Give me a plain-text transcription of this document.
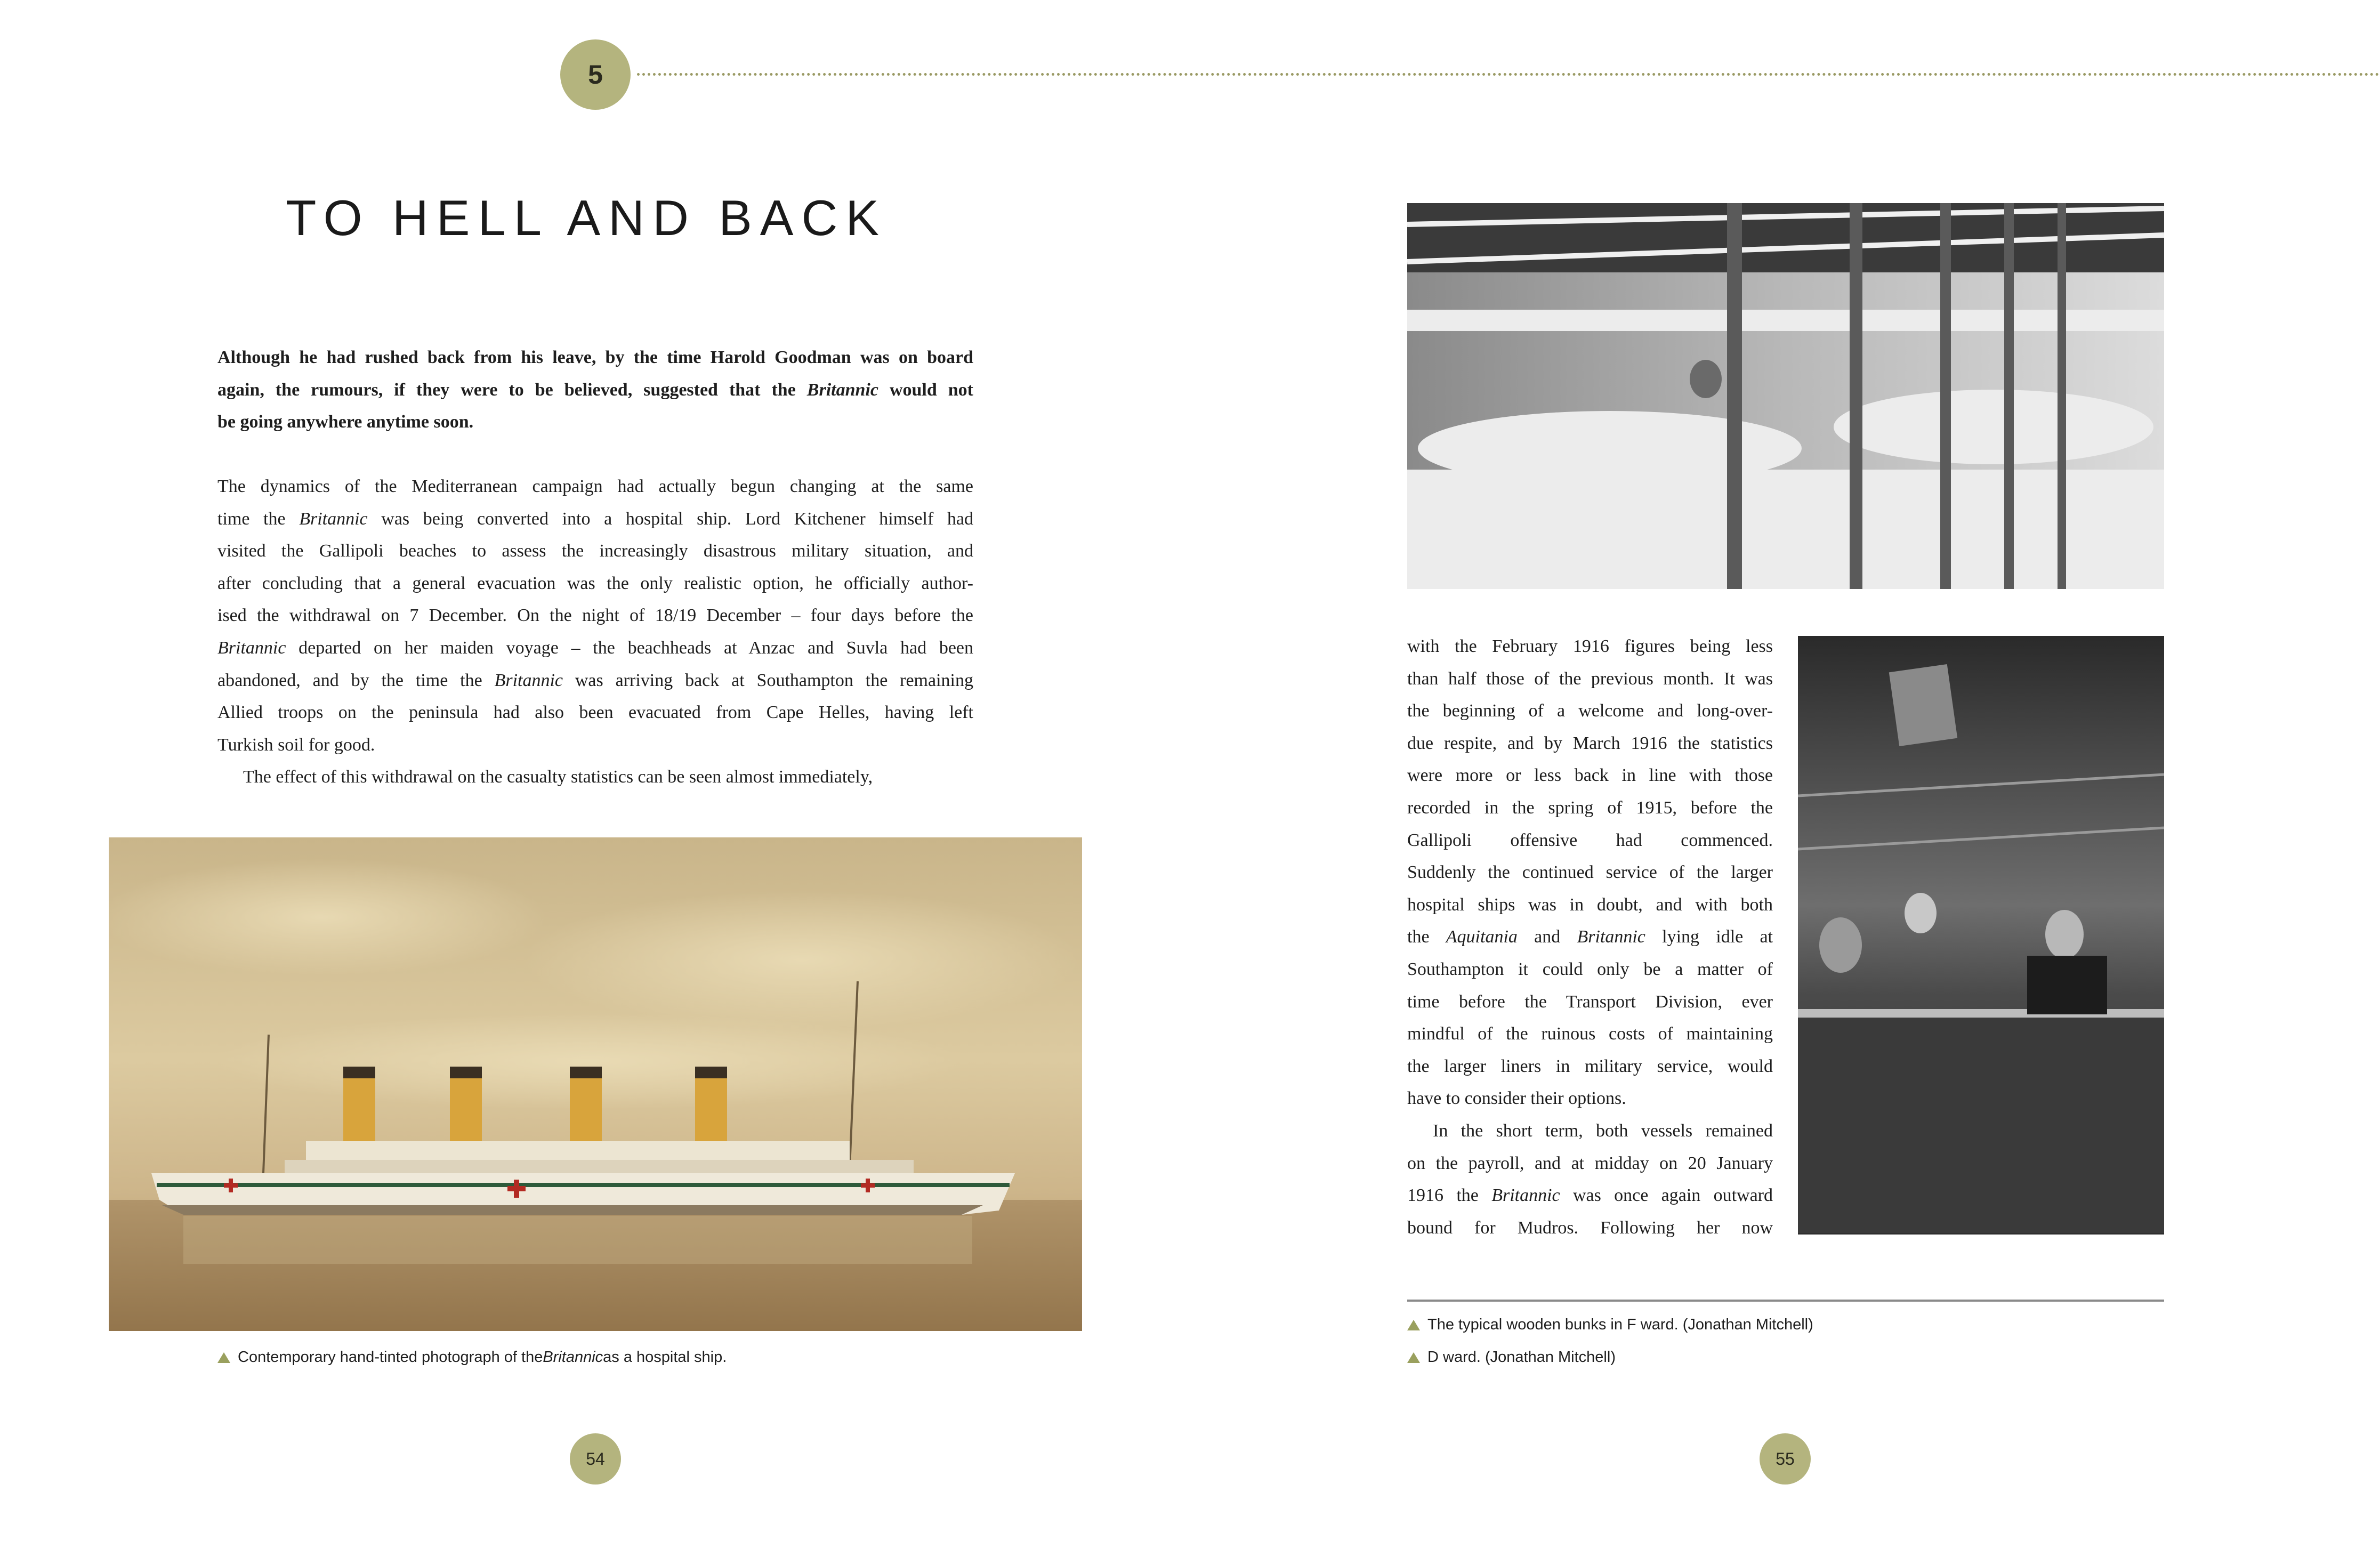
5
TO HELL AND BACK

Although he had rushed back from his leave, by the time Harold Goodman was on board

again, the rumours, if they were to be believed, suggested that the Britannic would not

be going anywhere anytime soon.

The dynamics of the Mediterranean campaign had actually begun changing at the same

time the Britannic was being converted into a hospital ship. Lord Kitchener himself had

visited the Gallipoli beaches to assess the increasingly disastrous military situation, and

after concluding that a general evacuation was the only realistic option, he officially author-

ised the withdrawal on 7 December. On the night of 18/19 December – four days before the

Britannic departed on her maiden voyage – the beachheads at Anzac and Suvla had been

abandoned, and by the time the Britannic was arriving back at Southampton the remaining

Allied troops on the peninsula had also been evacuated from Cape Helles, having left

Turkish soil for good.

The effect of this withdrawal on the casualty statistics can be seen almost immediately,

Contemporary hand-tinted photograph of the Britannic as a hospital ship.
54

with the February 1916 figures being less

than half those of the previous month. It was

the beginning of a welcome and long-over-

due respite, and by March 1916 the statistics

were more or less back in line with those

recorded in the spring of 1915, before the

Gallipoli offensive had commenced.

Suddenly the continued service of the larger

hospital ships was in doubt, and with both

the Aquitania and Britannic lying idle at

Southampton it could only be a matter of

time before the Transport Division, ever

mindful of the ruinous costs of maintaining

the larger liners in military service, would

have to consider their options.

In the short term, both vessels remained

on the payroll, and at midday on 20 January

1916 the Britannic was once again outward

bound for Mudros. Following her now

The typical wooden bunks in F ward. (Jonathan Mitchell)
D ward. (Jonathan Mitchell)
55
